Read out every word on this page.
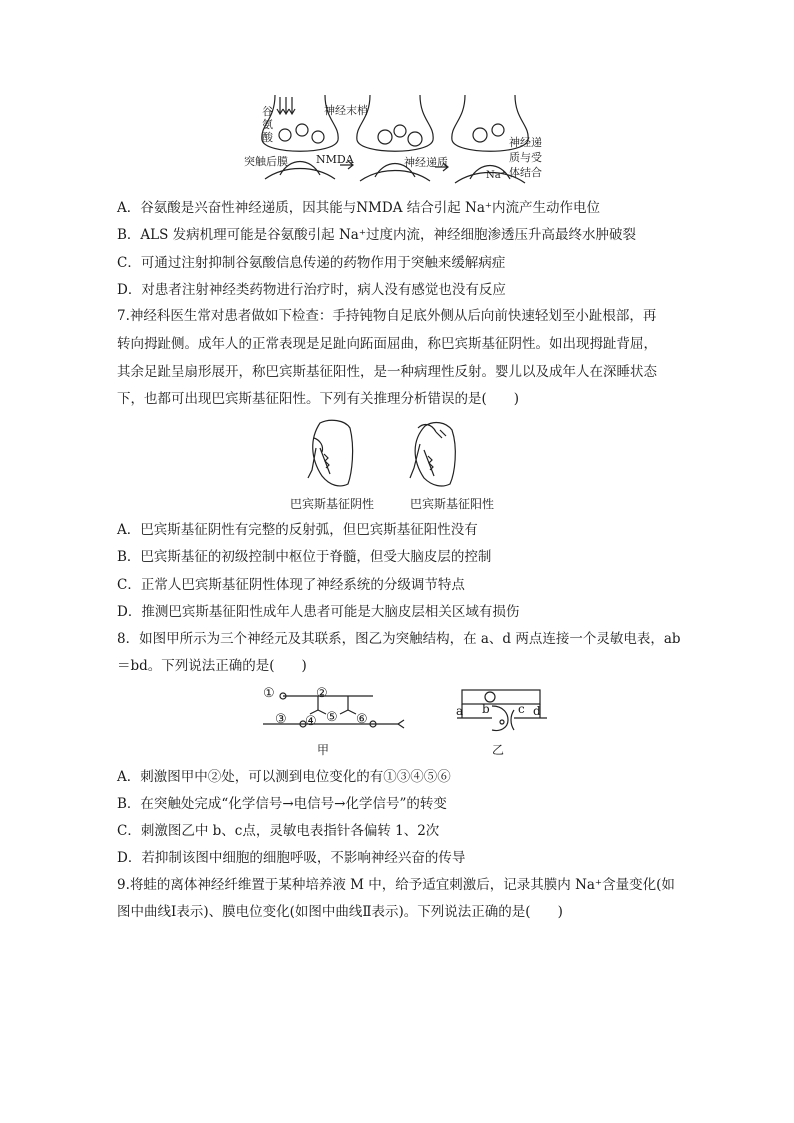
谷
氨
酸
神经末梢
突触后膜	NMDA	神经递质
Na⁺
神经递
质与受
体结合
A．谷氨酸是兴奋性神经递质，因其能与NMDA 结合引起 Na⁺内流产生动作电位
B．ALS 发病机理可能是谷氨酸引起 Na⁺过度内流，神经细胞渗透压升高最终水肿破裂
C．可通过注射抑制谷氨酸信息传递的药物作用于突触来缓解病症
D．对患者注射神经类药物进行治疗时，病人没有感觉也没有反应
7.神经科医生常对患者做如下检查：手持钝物自足底外侧从后向前快速轻划至小趾根部，再
转向拇趾侧。成年人的正常表现是足趾向跖面屈曲，称巴宾斯基征阴性。如出现拇趾背屈，
其余足趾呈扇形展开，称巴宾斯基征阳性，是一种病理性反射。婴儿以及成年人在深睡状态
下，也都可出现巴宾斯基征阳性。下列有关推理分析错误的是(　　)
巴宾斯基征阴性	巴宾斯基征阳性
A．巴宾斯基征阴性有完整的反射弧，但巴宾斯基征阳性没有
B．巴宾斯基征的初级控制中枢位于脊髓，但受大脑皮层的控制
C．正常人巴宾斯基征阴性体现了神经系统的分级调节特点
D．推测巴宾斯基征阳性成年人患者可能是大脑皮层相关区域有损伤
8．如图甲所示为三个神经元及其联系，图乙为突触结构，在 a、d 两点连接一个灵敏电表，ab
＝bd。下列说法正确的是(　　)
①	②
③ ④ ⑤ ⑥
甲
a b c d
乙
A．刺激图甲中②处，可以测到电位变化的有①③④⑤⑥
B．在突触处完成“化学信号→电信号→化学信号”的转变
C．刺激图乙中 b、c点，灵敏电表指针各偏转 1、2次
D．若抑制该图中细胞的细胞呼吸，不影响神经兴奋的传导
9.将蛙的离体神经纤维置于某种培养液 M 中，给予适宜刺激后，记录其膜内 Na⁺含量变化(如
图中曲线Ⅰ表示)、膜电位变化(如图中曲线Ⅱ表示)。下列说法正确的是(　　)
